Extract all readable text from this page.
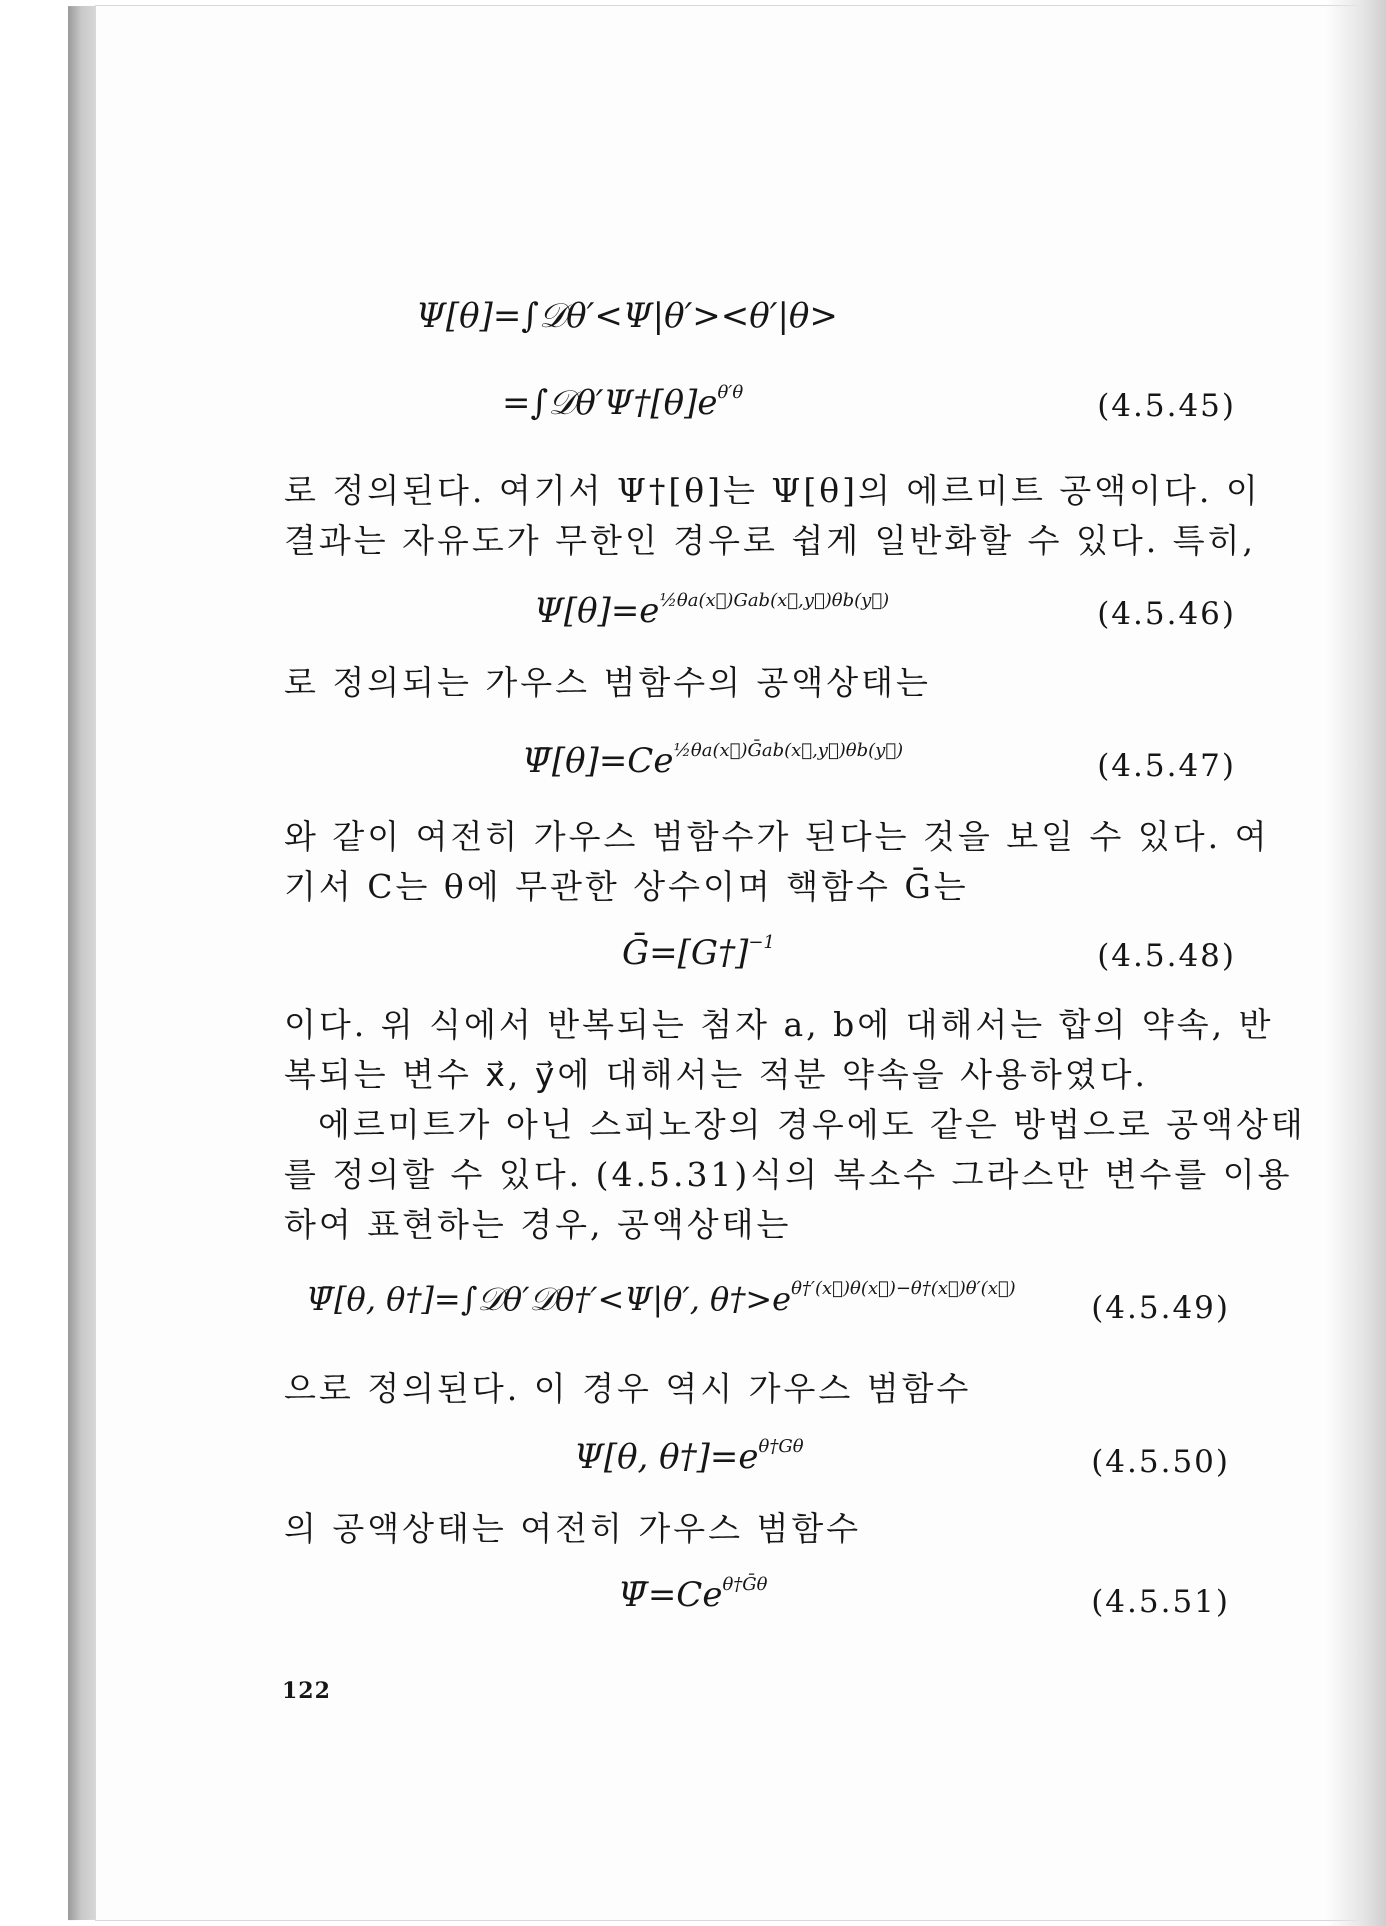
Ψ[θ]=∫𝒟θ′<Ψ|θ′><θ′|θ>
$=\int 𝒟\theta'\Psi\dagger[\theta]e^{\theta'\theta}$	(4.5.45)
로 정의된다. 여기서 Ψ†[θ]는 Ψ[θ]의 에르미트 공액이다. 이
결과는 자유도가 무한인 경우로 쉽게 일반화할 수 있다. 특히,
$\Psi[\theta]=e^{\frac{1}{2}\theta a(x⃗)Gab(x⃗,y⃗)\theta b(y⃗)}$	(4.5.46)
로 정의되는 가우스 범함수의 공액상태는
$\Psī[\theta]=Ce^{\frac{1}{2}\theta a(x⃗)Ḡab(x⃗,y⃗)\theta b(y⃗)}$	(4.5.47)
와 같이 여전히 가우스 범함수가 된다는 것을 보일 수 있다. 여
기서 C는 θ에 무관한 상수이며 핵함수 Ḡ는
Ḡ=[G†]$^{-1}$	(4.5.48)
이다. 위 식에서 반복되는 첨자 a, b에 대해서는 합의 약속, 반
복되는 변수 x⃗, y⃗에 대해서는 적분 약속을 사용하였다.
에르미트가 아닌 스피노장의 경우에도 같은 방법으로 공액상태
를 정의할 수 있다. (4.5.31)식의 복소수 그라스만 변수를 이용
하여 표현하는 경우, 공액상태는
Ψ̄[θ, θ†]=∫𝒟θ′𝒟θ†′<Ψ|θ′, $\theta\dagger>e^{\theta\dagger'(x⃗)\theta(x⃗)-\theta\dagger(x⃗)\theta'(x⃗)}$
(4.5.49)
으로 정의된다. 이 경우 역시 가우스 범함수
Ψ[θ, $\theta\dagger]=e^{\theta\dagger G\theta}$	(4.5.50)
의 공액상태는 여전히 가우스 범함수
$\Psī=Ce^{\theta\dagger Ḡ\theta}$	(4.5.51)
122
